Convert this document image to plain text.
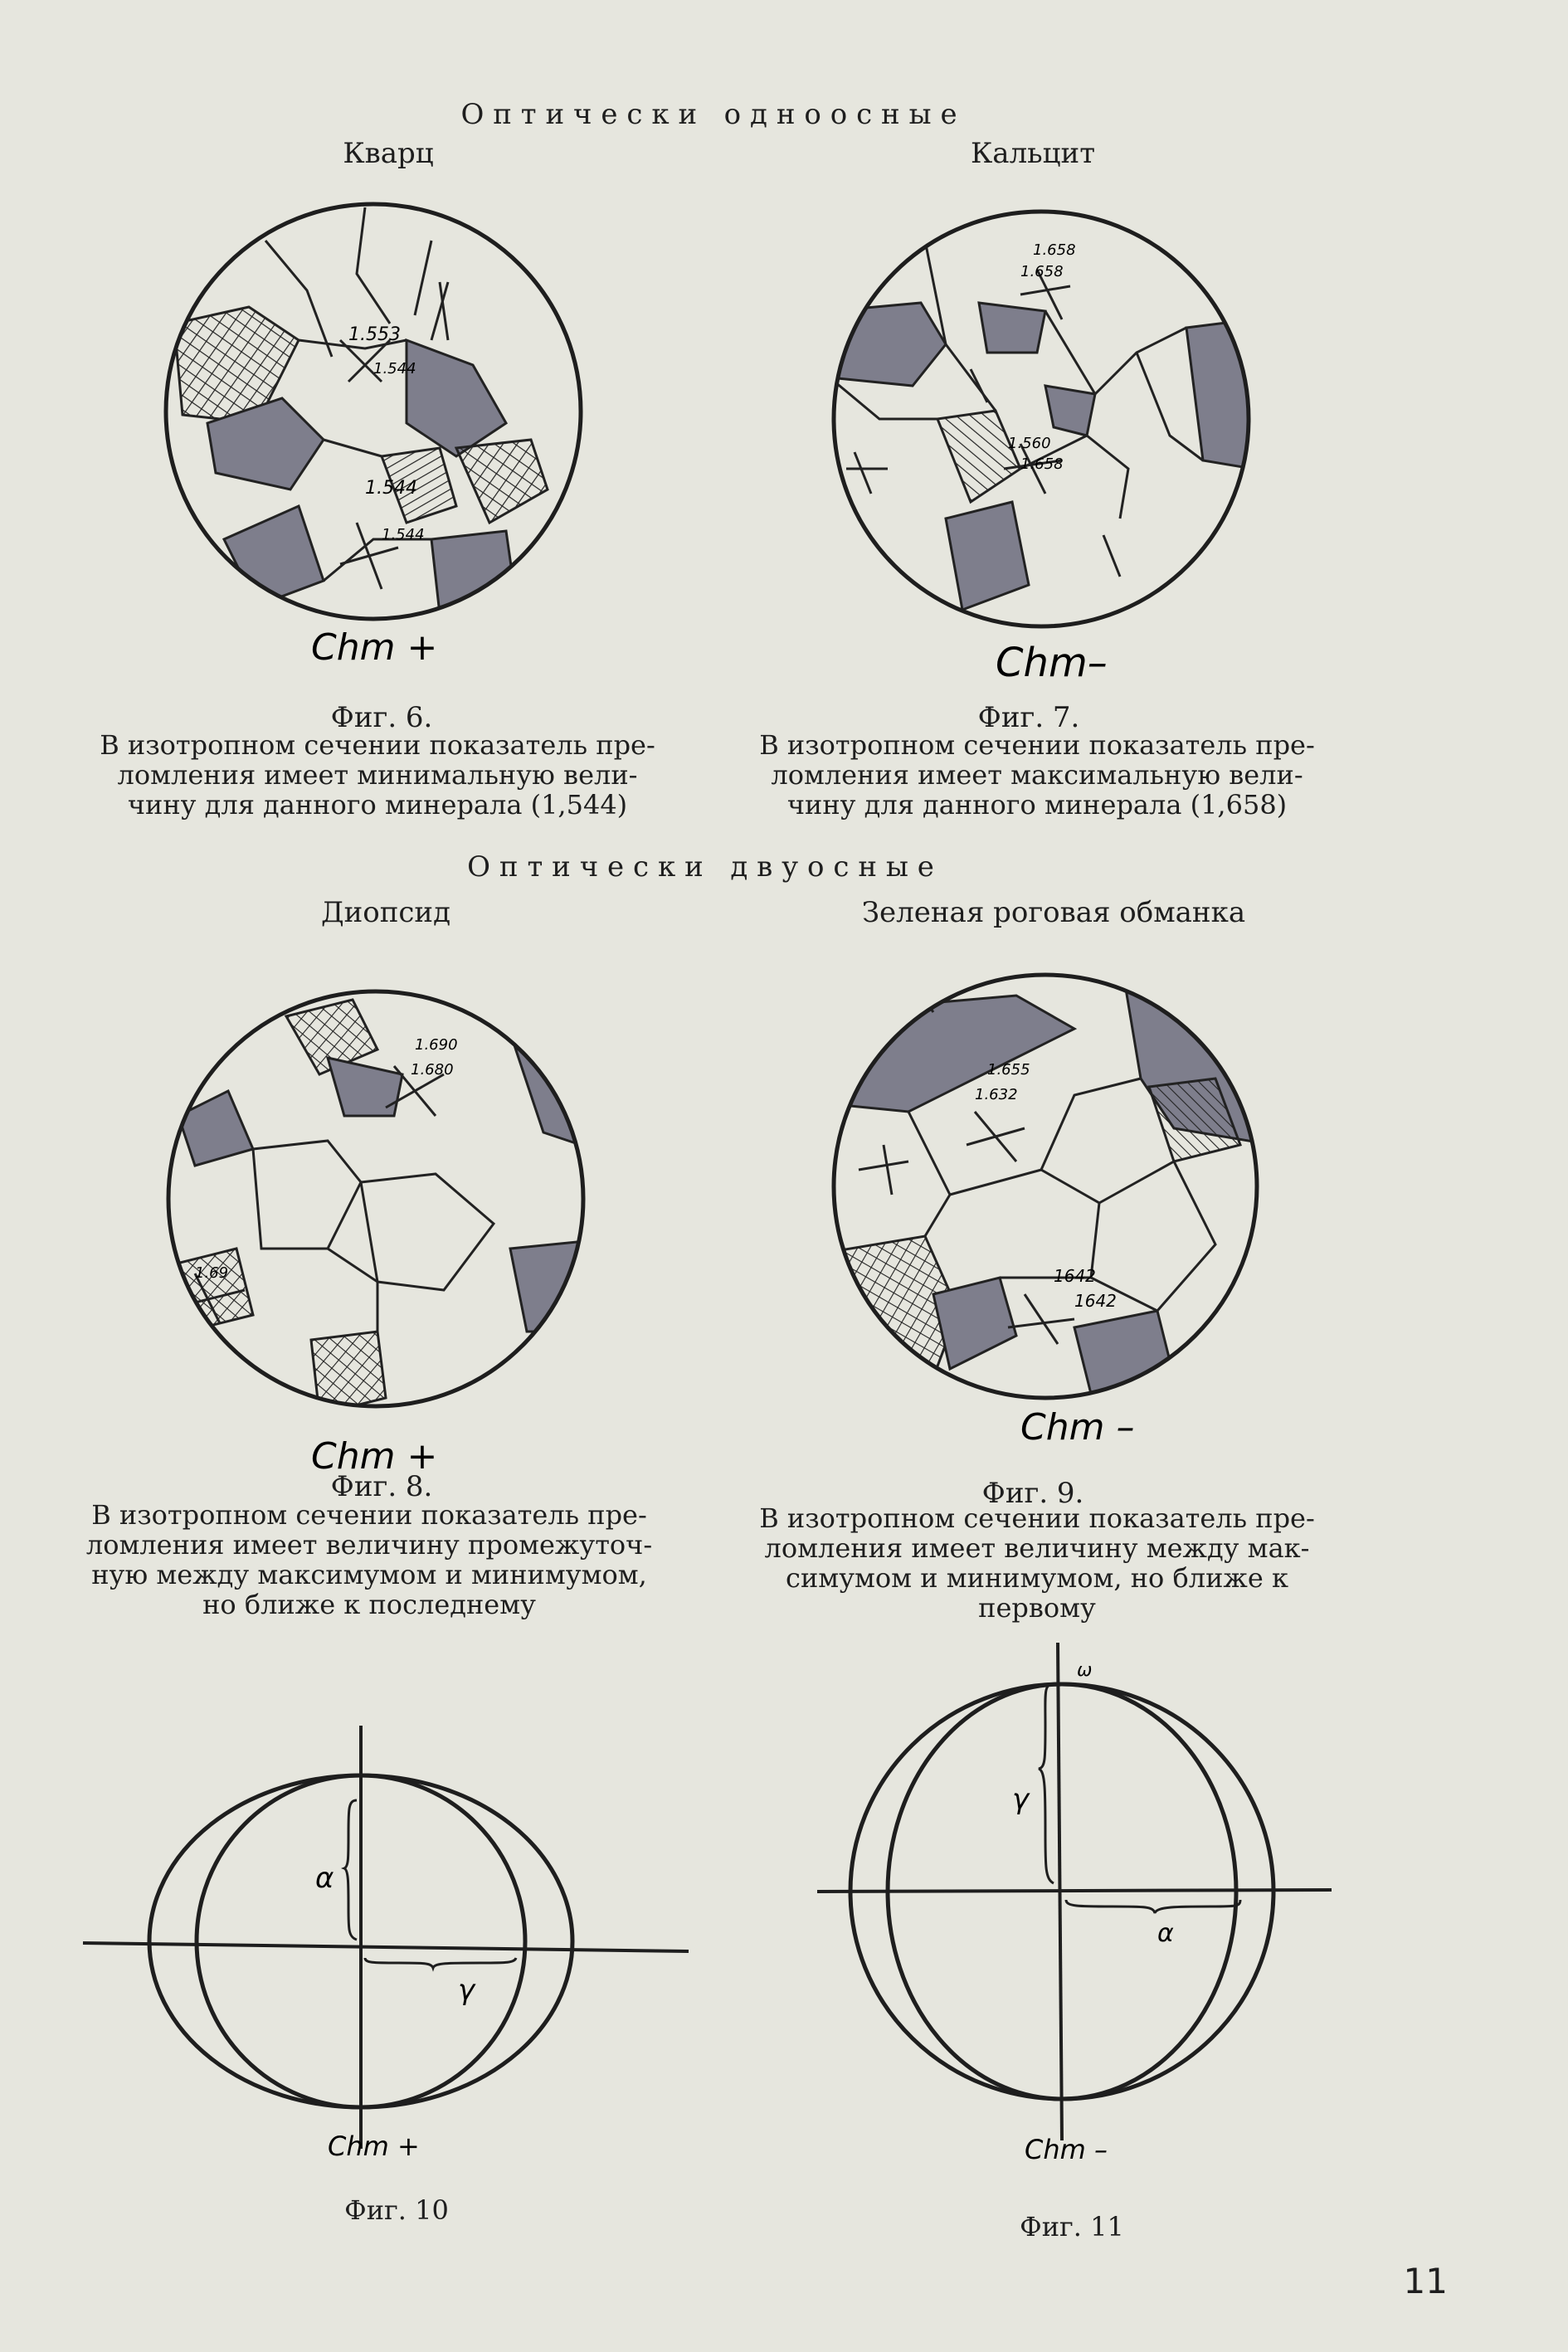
Оптически одноосные
Кварц	Кальцит
1.553
1.544
1.544
1.544
Chm +
1.658
1.658
1.560
1.658
Chm–
Фиг. 6.	Фиг. 7.
В изотропном сечении показатель пре-
ломления имеет минимальную вели-
чину для данного минерала (1,544)
В изотропном сечении показатель пре-
ломления имеет максимальную вели-
чину для данного минерала (1,658)
Оптически двуосные
Диопсид	Зеленая роговая обманка
1.690
1.680
1.69
Chm +
1.655
1.632
1642
1642
Chm –
Фиг. 8.	Фиг. 9.
В изотропном сечении показатель пре-
ломления имеет величину промежуточ-
ную между максимумом и минимумом,
но ближе к последнему
В изотропном сечении показатель пре-
ломления имеет величину между мак-
симумом и минимумом, но ближе к
первому
α
γ
Chm +
Фиг. 10
γ
α
ω
Chm –
Фиг. 11
11
